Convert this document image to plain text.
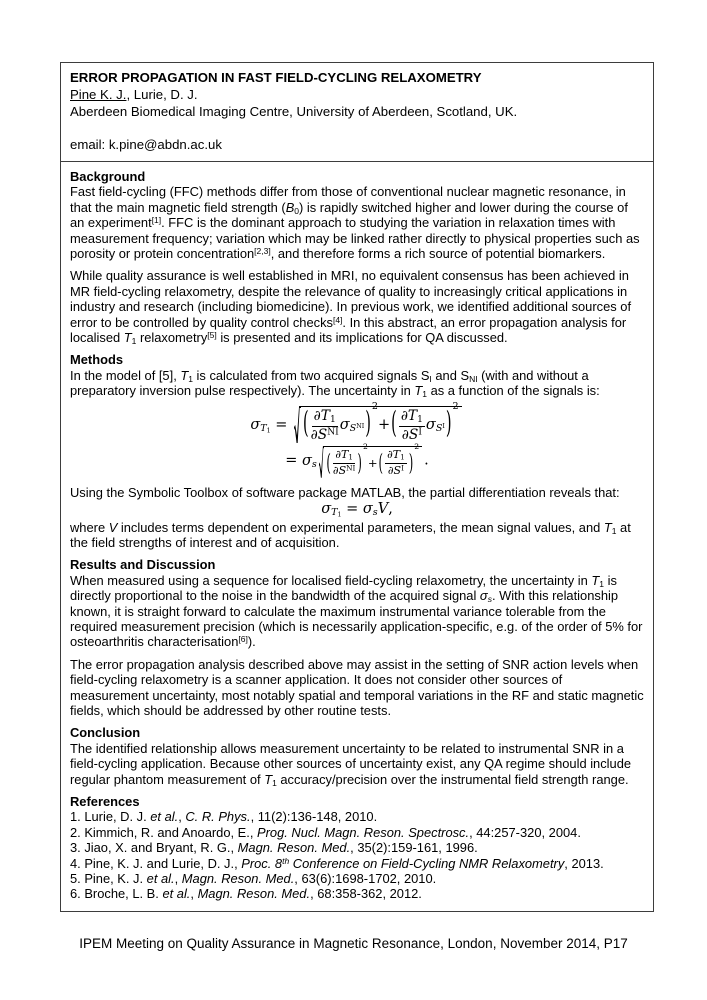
ERROR PROPAGATION IN FAST FIELD-CYCLING RELAXOMETRY
Pine K. J., Lurie, D. J.
Aberdeen Biomedical Imaging Centre, University of Aberdeen, Scotland, UK.
email: k.pine@abdn.ac.uk
Background
Fast field-cycling (FFC) methods differ from those of conventional nuclear magnetic resonance, in that the main magnetic field strength $(B_0)$ is rapidly switched higher and lower during the course of an experiment[1]. FFC is the dominant approach to studying the variation in relaxation times with measurement frequency; variation which may be linked rather directly to physical properties such as porosity or protein concentration[2,3], and therefore forms a rich source of potential biomarkers.
While quality assurance is well established in MRI, no equivalent consensus has been achieved in MR field-cycling relaxometry, despite the relevance of quality to increasingly critical applications in industry and research (including biomedicine). In previous work, we identified additional sources of error to be controlled by quality control checks[4]. In this abstract, an error propagation analysis for localised $T_1$ relaxometry[5] is presented and its implications for QA discussed.
Methods
In the model of [5], $T_1$ is calculated from two acquired signals $S_I$ and $S_{NI}$ (with and without a preparatory inversion pulse respectively). The uncertainty in $T_1$ as a function of the signals is:
$\sigma_{T_1}$ = ( $\frac{\partial T_1}{\partial S^{NI}} \sigma_{S^{NI}}$ )
2
+ ( $\frac{\partial T_1}{\partial S^I} \sigma_{S^I}$ )
2
= $\sigma_s$ ( $\frac{\partial T_1}{\partial S^{NI}}$ )
2
+ ( $\frac{\partial T_1}{\partial S^I}$ )
2
.
Using the Symbolic Toolbox of software package MATLAB, the partial differentiation reveals that:
$\sigma_{T_1} = \sigma_sV$,
where V includes terms dependent on experimental parameters, the mean signal values, and $T_1$ at the field strengths of interest and of acquisition.
Results and Discussion
When measured using a sequence for localised field-cycling relaxometry, the uncertainty in $T_1$ is directly proportional to the noise in the bandwidth of the acquired signal $\sigma_s$. With this relationship known, it is straight forward to calculate the maximum instrumental variance tolerable from the required measurement precision (which is necessarily application-specific, e.g. of the order of 5% for osteoarthritis characterisation[6]).
The error propagation analysis described above may assist in the setting of SNR action levels when field-cycling relaxometry is a scanner application. It does not consider other sources of measurement uncertainty, most notably spatial and temporal variations in the RF and static magnetic fields, which should be addressed by other routine tests.
Conclusion
The identified relationship allows measurement uncertainty to be related to instrumental SNR in a field-cycling application. Because other sources of uncertainty exist, any QA regime should include regular phantom measurement of $T_1$ accuracy/precision over the instrumental field strength range.
References
1. Lurie, D. J. et al., C. R. Phys., 11(2):136-148, 2010.
2. Kimmich, R. and Anoardo, E., Prog. Nucl. Magn. Reson. Spectrosc., 44:257-320, 2004.
3. Jiao, X. and Bryant, R. G., Magn. Reson. Med., 35(2):159-161, 1996.
4. Pine, K. J. and Lurie, D. J., Proc. 8th Conference on Field-Cycling NMR Relaxometry, 2013.
5. Pine, K. J. et al., Magn. Reson. Med., 63(6):1698-1702, 2010.
6. Broche, L. B. et al., Magn. Reson. Med., 68:358-362, 2012.
IPEM Meeting on Quality Assurance in Magnetic Resonance, London, November 2014, P17
